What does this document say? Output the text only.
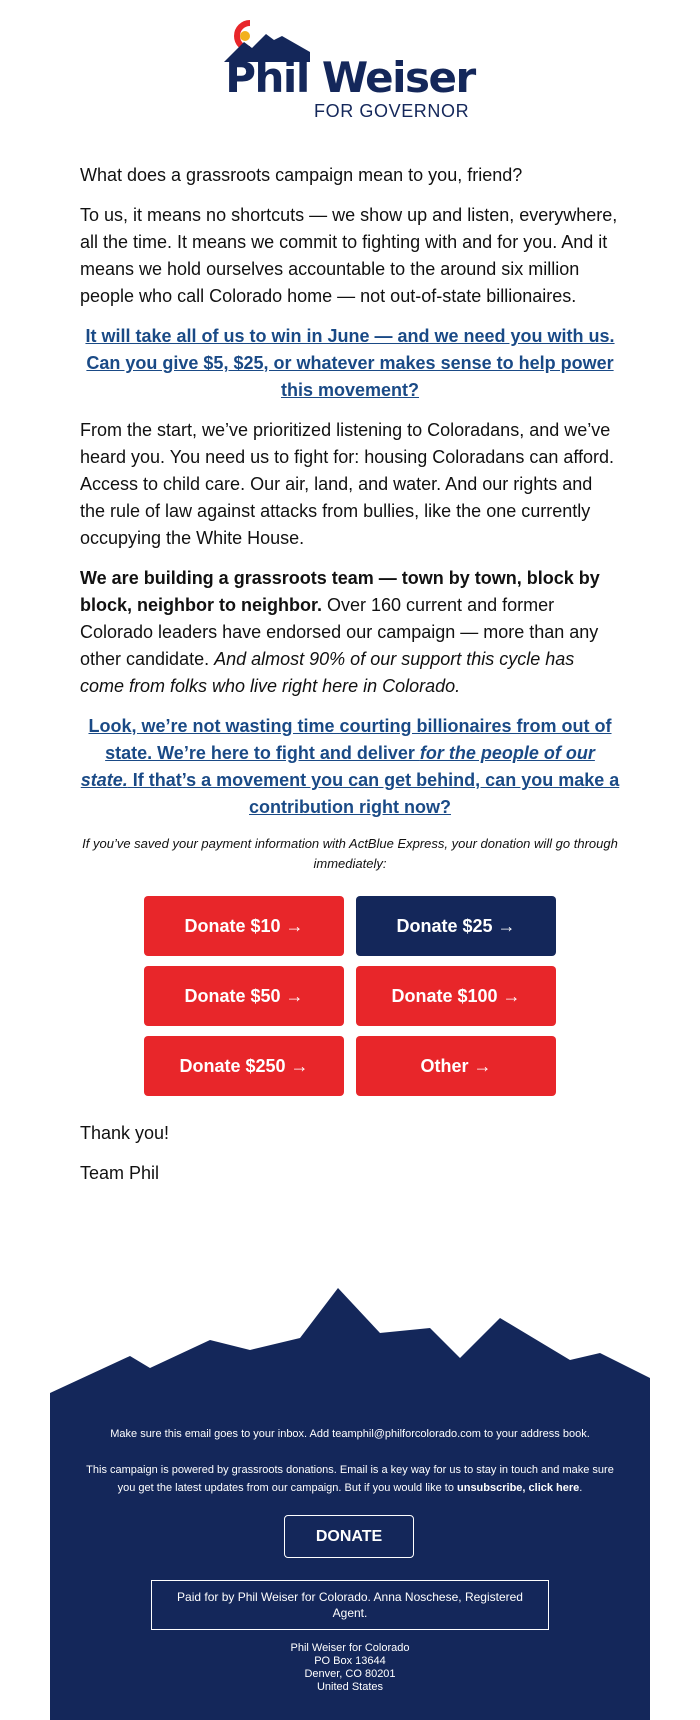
Phil Weiser
FOR GOVERNOR

What does a grassroots campaign mean to you, friend?

To us, it means no shortcuts — we show up and listen, everywhere, all the time. It means we commit to fighting with and for you. And it means we hold ourselves accountable to the around six million people who call Colorado home — not out-of-state billionaires.

It will take all of us to win in June — and we need you with us. Can you give $5, $25, or whatever makes sense to help power this movement?

From the start, we’ve prioritized listening to Coloradans, and we’ve heard you. You need us to fight for: housing Coloradans can afford. Access to child care. Our air, land, and water. And our rights and the rule of law against attacks from bullies, like the one currently occupying the White House.

We are building a grassroots team — town by town, block by block, neighbor to neighbor. Over 160 current and former Colorado leaders have endorsed our campaign — more than any other candidate. And almost 90% of our support this cycle has come from folks who live right here in Colorado.

Look, we’re not wasting time courting billionaires from out of state. We’re here to fight and deliver for the people of our state. If that’s a movement you can get behind, can you make a contribution right now?

If you’ve saved your payment information with ActBlue Express, your donation will go through immediately:

Donate $10 →	Donate $25 →
Donate $50 →	Donate $100 →
Donate $250 →	Other →

Thank you!

Team Phil

Make sure this email goes to your inbox. Add teamphil@philforcolorado.com to your address book.
This campaign is powered by grassroots donations. Email is a key way for us to stay in touch and make sure you get the latest updates from our campaign. But if you would like to unsubscribe, click here.
DONATE
Paid for by Phil Weiser for Colorado. Anna Noschese, Registered Agent.
Phil Weiser for Colorado
PO Box 13644
Denver, CO 80201
United States
